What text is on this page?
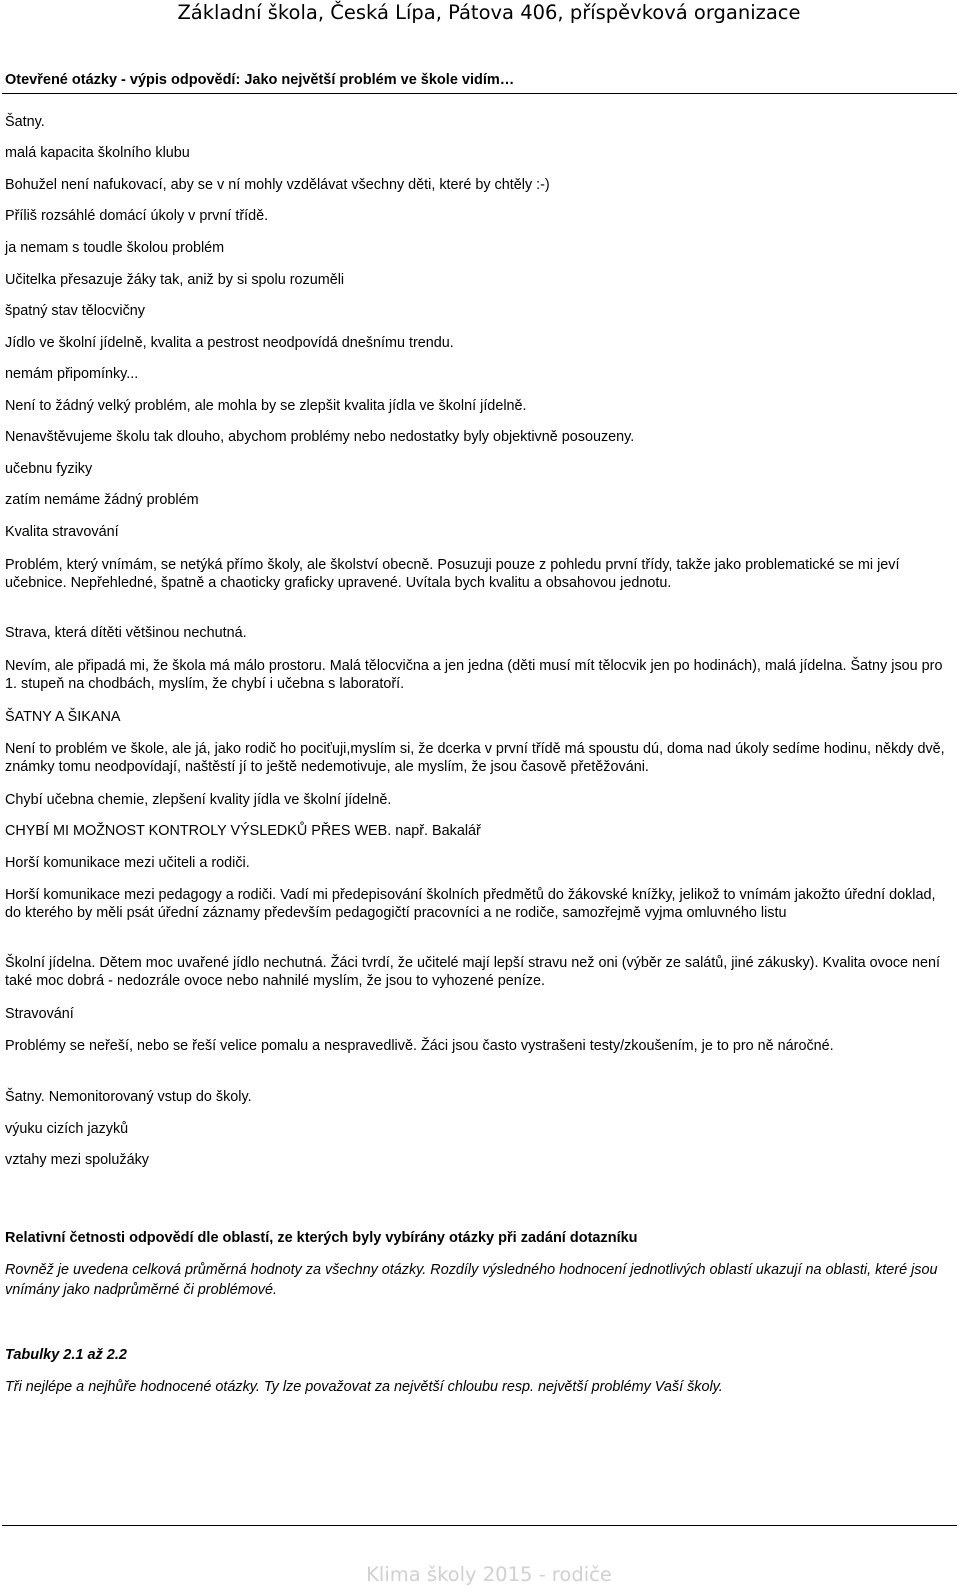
Základní škola, Česká Lípa, Pátova 406, příspěvková organizace
Otevřené otázky - výpis odpovědí: Jako největší problém ve škole vidím…
Šatny.
malá kapacita školního klubu
Bohužel není nafukovací, aby se v ní mohly vzdělávat všechny děti, které by chtěly :-)
Příliš rozsáhlé domácí úkoly v první třídě.
ja nemam s toudle školou problém
Učitelka přesazuje žáky tak, aniž by si spolu rozuměli
špatný stav tělocvičny
Jídlo ve školní jídelně, kvalita a pestrost neodpovídá dnešnímu trendu.
nemám připomínky...
Není to žádný velký problém, ale mohla by se zlepšit kvalita jídla ve školní jídelně.
Nenavštěvujeme školu tak dlouho, abychom problémy nebo nedostatky byly objektivně posouzeny.
učebnu fyziky
zatím nemáme žádný problém
Kvalita stravování
Problém, který vnímám, se netýká přímo školy, ale školství obecně. Posuzuji pouze z pohledu první třídy, takže jako problematické se mi jeví učebnice. Nepřehledné, špatně a chaoticky graficky upravené. Uvítala bych kvalitu a obsahovou jednotu.
Strava, která dítěti většinou nechutná.
Nevím, ale připadá mi, že škola má málo prostoru. Malá tělocvična a jen jedna (děti musí mít tělocvik jen po hodinách), malá jídelna. Šatny jsou pro 1. stupeň na chodbách, myslím, že chybí i učebna s laboratoří.
ŠATNY A ŠIKANA
Není to problém ve škole, ale já, jako rodič ho pociťuji,myslím si, že dcerka v první třídě má spoustu dú, doma nad úkoly sedíme hodinu, někdy dvě, známky tomu neodpovídají, naštěstí jí to ještě nedemotivuje, ale myslím, že jsou časově přetěžováni.
Chybí učebna chemie, zlepšení kvality jídla ve školní jídelně.
CHYBÍ MI MOŽNOST KONTROLY VÝSLEDKŮ PŘES WEB. např. Bakalář
Horší komunikace mezi učiteli a rodiči.
Horší komunikace mezi pedagogy a rodiči. Vadí mi předepisování školních předmětů do žákovské knížky, jelikož to vnímám jakožto úřední doklad, do kterého by měli psát úřední záznamy především pedagogičtí pracovníci a ne rodiče, samozřejmě vyjma omluvného listu
Školní jídelna. Dětem moc uvařené jídlo nechutná. Žáci tvrdí, že učitelé mají lepší stravu než oni (výběr ze salátů, jiné zákusky). Kvalita ovoce není také moc dobrá - nedozrále ovoce nebo nahnilé myslím, že jsou to vyhozené peníze.
Stravování
Problémy se neřeší, nebo se řeší velice pomalu a nespravedlivě. Žáci jsou často vystrašeni testy/zkoušením, je to pro ně náročné.
Šatny. Nemonitorovaný vstup do školy.
výuku cizích jazyků
vztahy mezi spolužáky
Relativní četnosti odpovědí dle oblastí, ze kterých byly vybírány otázky při zadání dotazníku
Rovněž je uvedena celková průměrná hodnoty za všechny otázky. Rozdíly výsledného hodnocení jednotlivých oblastí ukazují na oblasti, které jsou vnímány jako nadprůměrné či problémové.
Tabulky 2.1 až 2.2
Tři nejlépe a nejhůře hodnocené otázky. Ty lze považovat za největší chloubu resp. největší problémy Vaší školy.
Klima školy 2015 - rodiče
